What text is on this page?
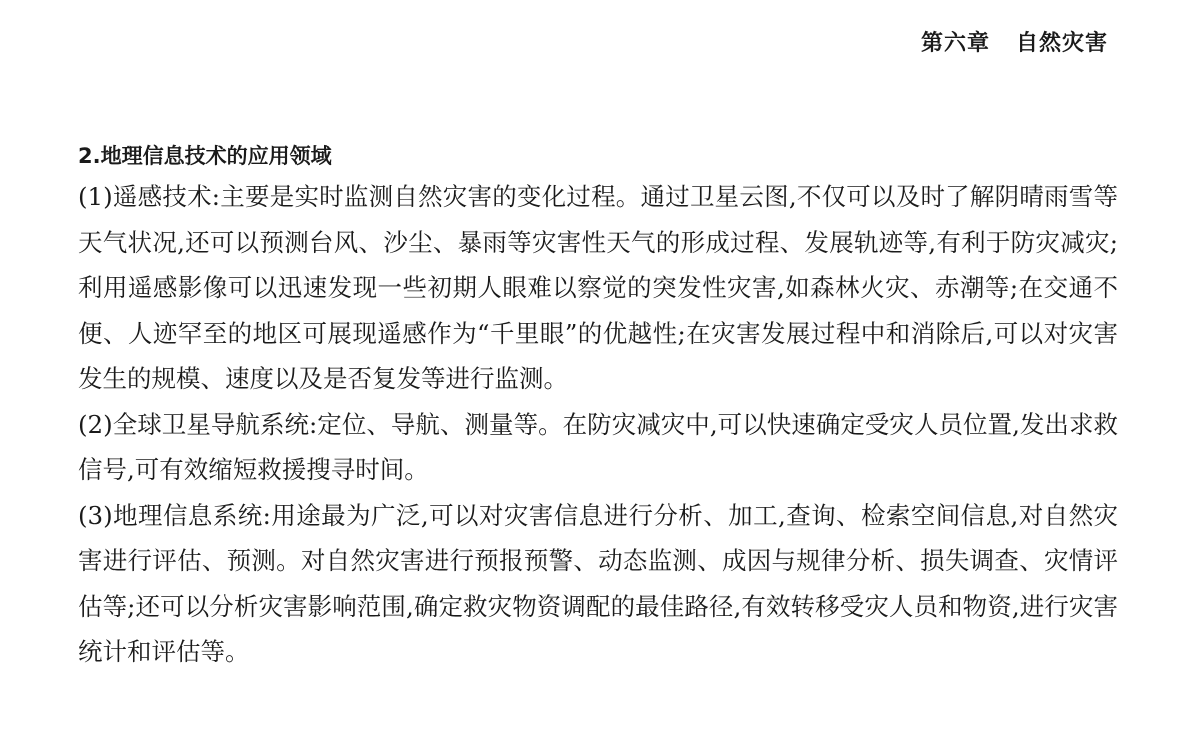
第六章 自然灾害
2.地理信息技术的应用领域

(1)遥感技术:主要是实时监测自然灾害的变化过程。通过卫星云图,不仅可以及时了解阴晴雨雪等天气状况,还可以预测台风、沙尘、暴雨等灾害性天气的形成过程、发展轨迹等,有利于防灾减灾;利用遥感影像可以迅速发现一些初期人眼难以察觉的突发性灾害,如森林火灾、赤潮等;在交通不便、人迹罕至的地区可展现遥感作为“千里眼”的优越性;在灾害发展过程中和消除后,可以对灾害发生的规模、速度以及是否复发等进行监测。

(2)全球卫星导航系统:定位、导航、测量等。在防灾减灾中,可以快速确定受灾人员位置,发出求救信号,可有效缩短救援搜寻时间。

(3)地理信息系统:用途最为广泛,可以对灾害信息进行分析、加工,查询、检索空间信息,对自然灾害进行评估、预测。对自然灾害进行预报预警、动态监测、成因与规律分析、损失调查、灾情评估等;还可以分析灾害影响范围,确定救灾物资调配的最佳路径,有效转移受灾人员和物资,进行灾害统计和评估等。
